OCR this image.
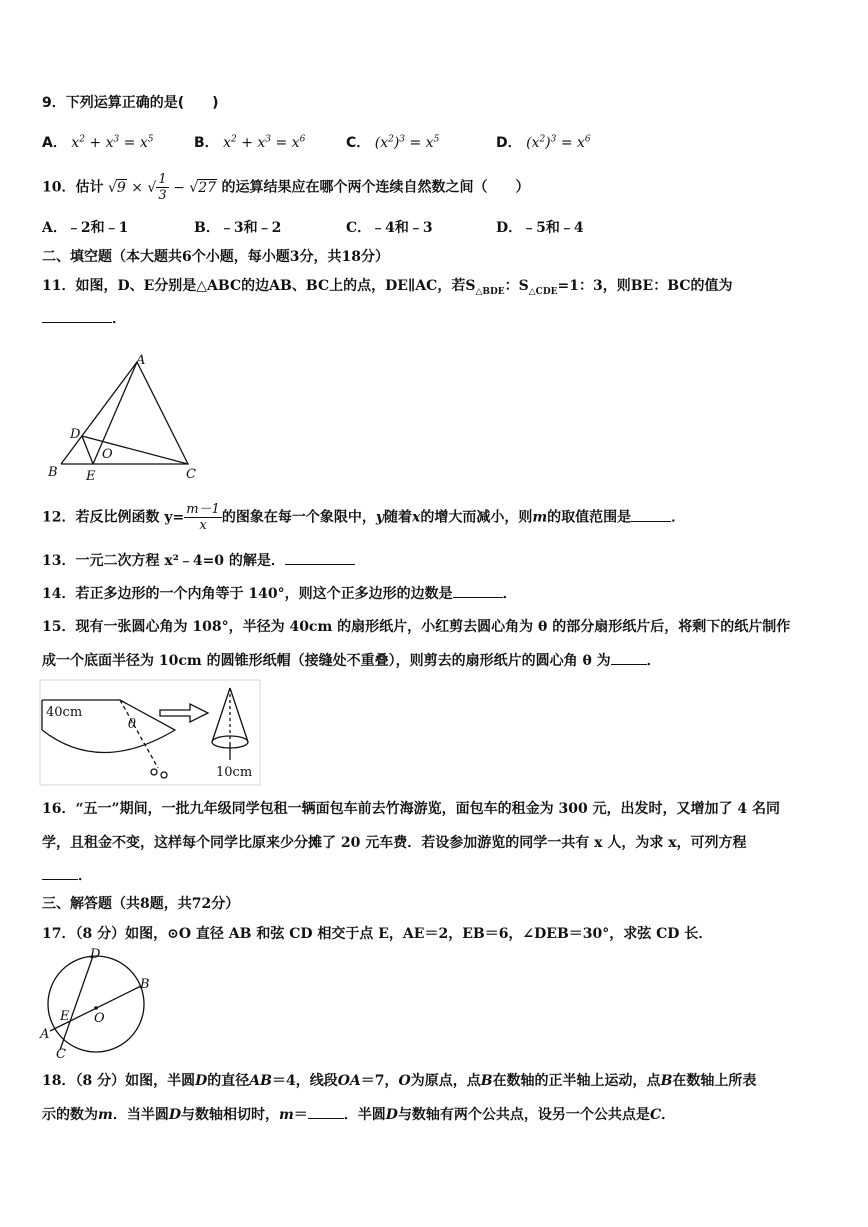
9．下列运算正确的是(　　)
A． $x^2 + x^3 = x^5$	B． $x^2 + x^3 = x^6$	C． $(x^2)^3 = x^5$	D． $(x^2)^3 = x^6$
10．估计 √9 × √ $\frac{1}{3} - √27$ 的运算结果应在哪个两个连续自然数之间（　　）
A．﹣2和﹣1	B．﹣3和﹣2	C．﹣4和﹣3	D．﹣5和﹣4
二、填空题（本大题共6个小题，每小题3分，共18分）
11．如图，D、E分别是△ABC的边AB、BC上的点，DE∥AC，若$S_{\triangle BDE}$：$S_{\triangle CDE}=1$：3，则BE：BC的值为
．
A
B	C
D
E
O
12．若反比例函数 $y= \frac{m-1}{x}$ 的图象在每一个象限中，y随着x的增大而减小，则m的取值范围是	．
13．一元二次方程 x²﹣4=0 的解是．
14．若正多边形的一个内角等于 140°，则这个正多边形的边数是	．
15．现有一张圆心角为 108°，半径为 40cm 的扇形纸片，小红剪去圆心角为 θ 的部分扇形纸片后，将剩下的纸片制作
成一个底面半径为 10cm 的圆锥形纸帽（接缝处不重叠），则剪去的扇形纸片的圆心角 θ 为	．
40cm
θ
10cm
16．“五一”期间，一批九年级同学包租一辆面包车前去竹海游览，面包车的租金为 300 元，出发时，又增加了 4 名同
学，且租金不变，这样每个同学比原来少分摊了 20 元车费．若设参加游览的同学一共有 x 人，为求 x，可列方程
．
三、解答题（共8题，共72分）
17．（8 分）如图，⊙O 直径 AB 和弦 CD 相交于点 E，AE＝2，EB＝6，∠DEB＝30°，求弦 CD 长．
A
B
C
D
E O
18．（8 分）如图，半圆D的直径AB＝4，线段OA＝7，O为原点，点B在数轴的正半轴上运动，点B在数轴上所表
示的数为m．当半圆D与数轴相切时，m＝	．半圆D与数轴有两个公共点，设另一个公共点是C．
